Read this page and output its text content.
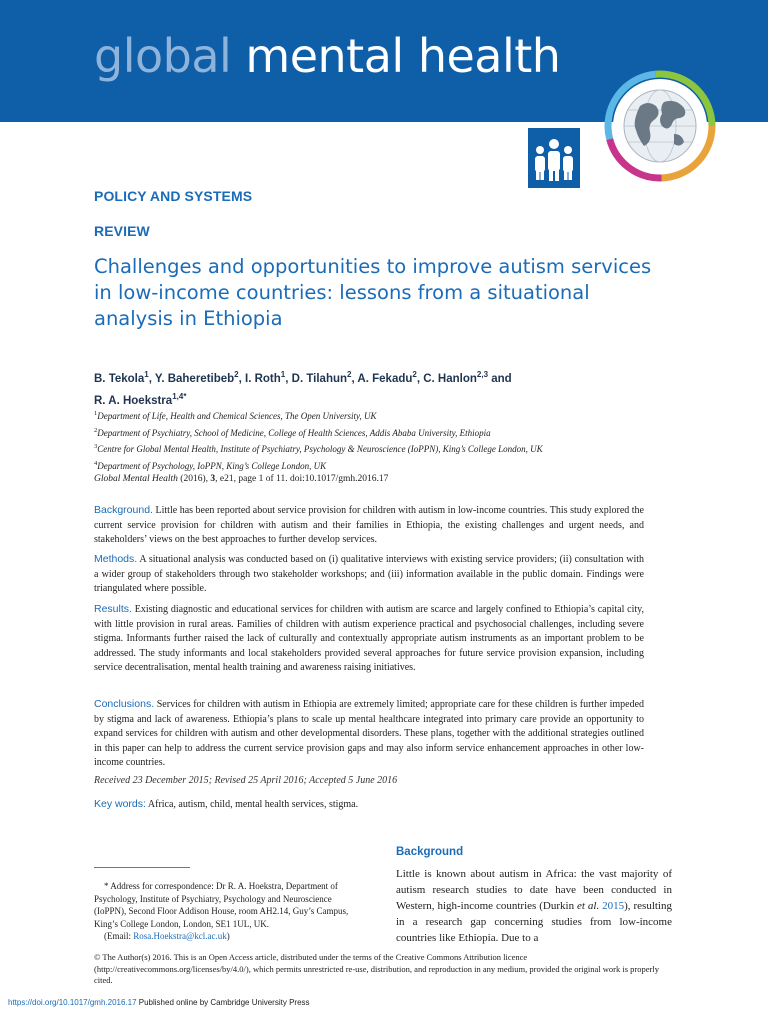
global mental health
POLICY AND SYSTEMS
REVIEW
Challenges and opportunities to improve autism services in low-income countries: lessons from a situational analysis in Ethiopia
B. Tekola$^1$, Y. Baheretibeb$^2$, I. Roth$^1$, D. Tilahun$^2$, A. Fekadu$^2$, C. Hanlon$^{2,3}$ and
R. A. Hoekstra$^{1,4*}$
$^1$Department of Life, Health and Chemical Sciences, The Open University, UK
$^2$Department of Psychiatry, School of Medicine, College of Health Sciences, Addis Ababa University, Ethiopia
$^3$Centre for Global Mental Health, Institute of Psychiatry, Psychology & Neuroscience (IoPPN), King’s College London, UK
$^4$Department of Psychology, IoPPN, King’s College London, UK
Global Mental Health (2016), 3, e21, page 1 of 11. doi:10.1017/gmh.2016.17
Background. Little has been reported about service provision for children with autism in low-income countries. This study explored the current service provision for children with autism and their families in Ethiopia, the existing challenges and urgent needs, and stakeholders’ views on the best approaches to further develop services.
Methods. A situational analysis was conducted based on (i) qualitative interviews with existing service providers; (ii) consultation with a wider group of stakeholders through two stakeholder workshops; and (iii) information available in the public domain. Findings were triangulated where possible.
Results. Existing diagnostic and educational services for children with autism are scarce and largely confined to Ethiopia’s capital city, with little provision in rural areas. Families of children with autism experience practical and psychosocial challenges, including severe stigma. Informants further raised the lack of culturally and contextually appropriate autism instruments as an important problem to be addressed. The study informants and local stakeholders provided several approaches for future service provision expansion, including service decentralisation, mental health training and awareness raising initiatives.
Conclusions. Services for children with autism in Ethiopia are extremely limited; appropriate care for these children is further impeded by stigma and lack of awareness. Ethiopia’s plans to scale up mental healthcare integrated into primary care provide an opportunity to expand services for children with autism and other developmental disorders. These plans, together with the additional strategies outlined in this paper can help to address the current service provision gaps and may also inform service enhancement approaches in other low-income countries.
Received 23 December 2015; Revised 25 April 2016; Accepted 5 June 2016
Key words: Africa, autism, child, mental health services, stigma.
Background
Little is known about autism in Africa: the vast majority of autism research studies to date have been conducted in Western, high-income countries (Durkin et al. 2015), resulting in a research gap concerning studies from low-income countries like Ethiopia. Due to a
* Address for correspondence: Dr R. A. Hoekstra, Department of Psychology, Institute of Psychiatry, Psychology and Neuroscience (IoPPN), Second Floor Addison House, room AH2.14, Guy’s Campus, King’s College London, London, SE1 1UL, UK.
(Email: Rosa.Hoekstra@kcl.ac.uk)
© The Author(s) 2016. This is an Open Access article, distributed under the terms of the Creative Commons Attribution licence (http://creativecommons.org/licenses/by/4.0/), which permits unrestricted re-use, distribution, and reproduction in any medium, provided the original work is properly cited.
https://doi.org/10.1017/gmh.2016.17 Published online by Cambridge University Press
